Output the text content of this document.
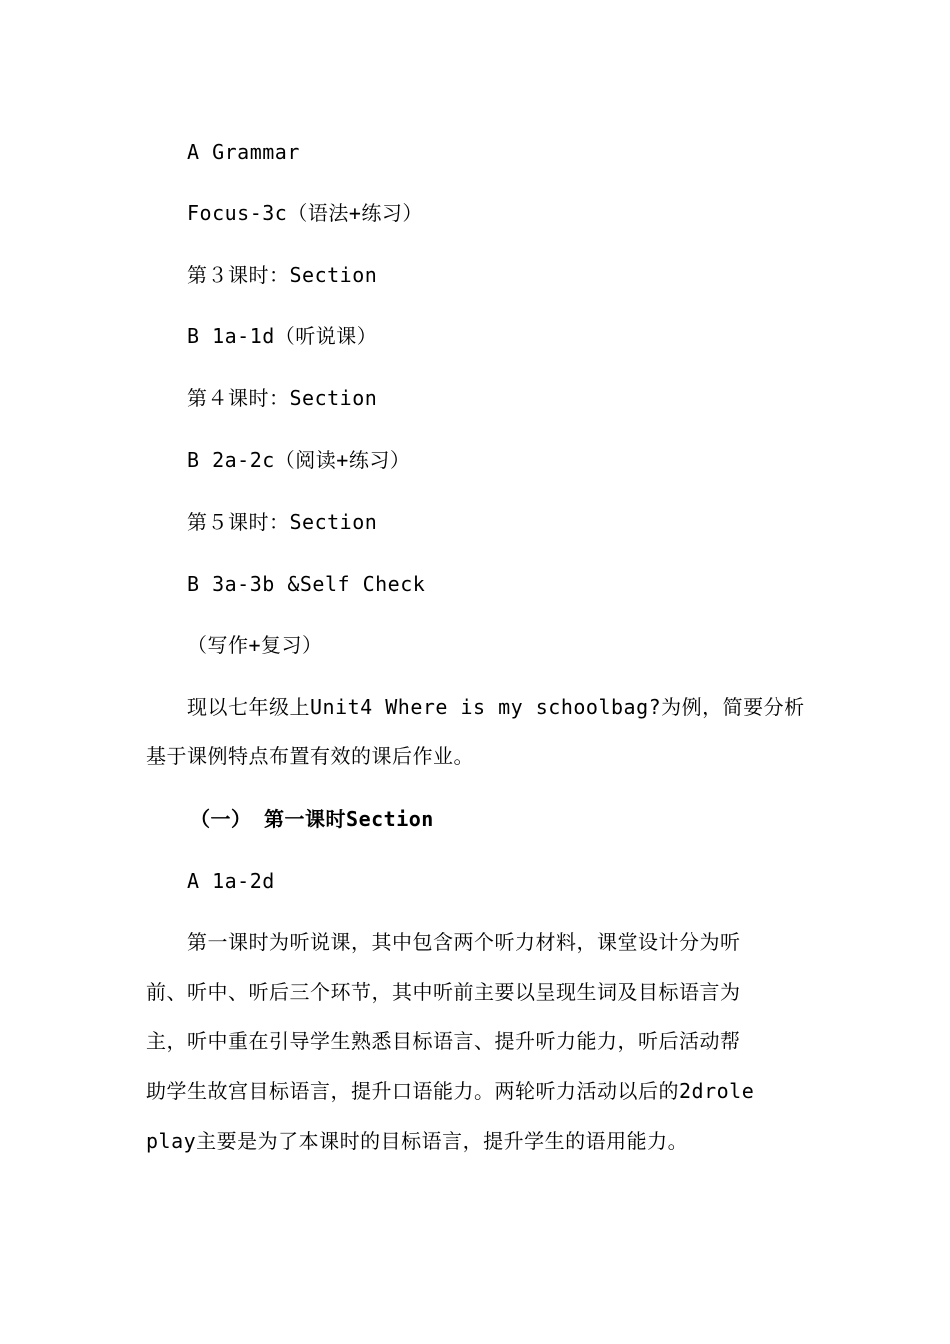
A Grammar
Focus-3c（语法+练习）
第３课时：Section
B 1a-1d（听说课）
第４课时：Section
B 2a-2c（阅读+练习）
第５课时：Section
B 3a-3b &Self Check
（写作+复习）
现以七年级上Unit4 Where is my schoolbag?为例，简要分析
基于课例特点布置有效的课后作业。
（一） 第一课时Section
A 1a-2d
第一课时为听说课，其中包含两个听力材料，课堂设计分为听
前、听中、听后三个环节，其中听前主要以呈现生词及目标语言为
主，听中重在引导学生熟悉目标语言、提升听力能力，听后活动帮
助学生故宫目标语言，提升口语能力。两轮听力活动以后的2drole
play主要是为了本课时的目标语言，提升学生的语用能力。
